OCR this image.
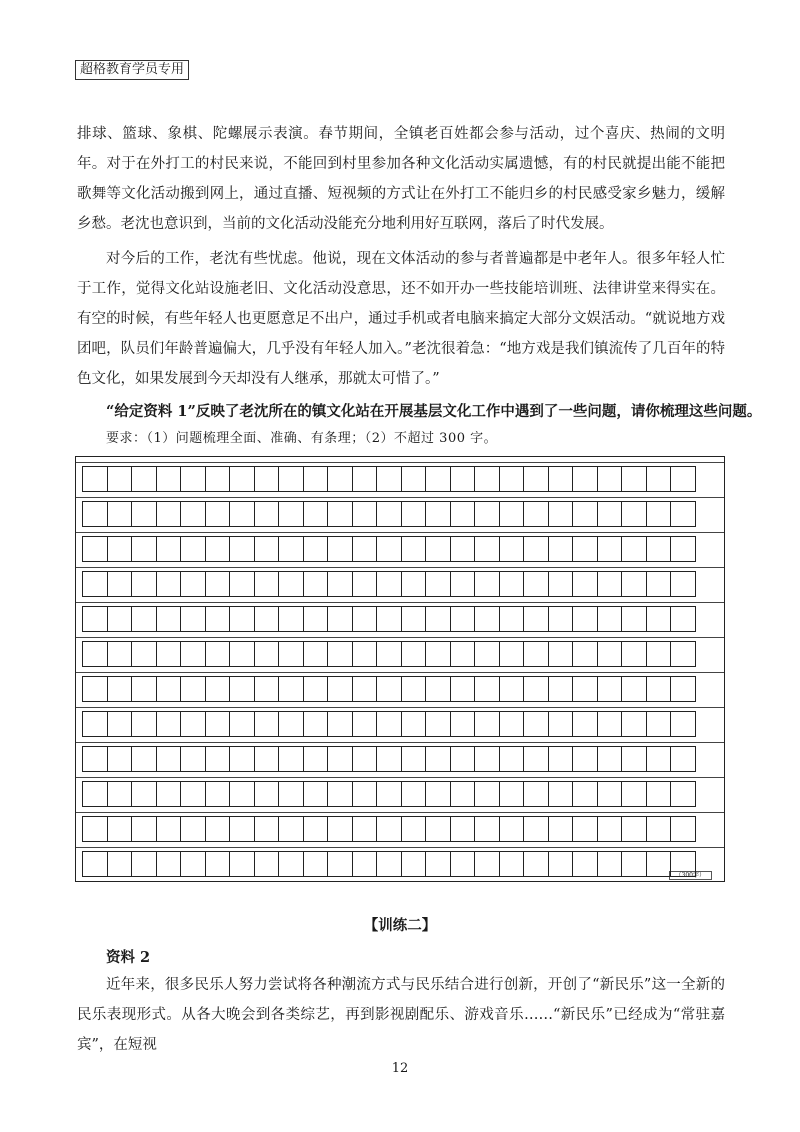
超格教育学员专用

排球、篮球、象棋、陀螺展示表演。春节期间，全镇老百姓都会参与活动，过个喜庆、热闹的文明年。对于在外打工的村民来说，不能回到村里参加各种文化活动实属遗憾，有的村民就提出能不能把歌舞等文化活动搬到网上，通过直播、短视频的方式让在外打工不能归乡的村民感受家乡魅力，缓解乡愁。老沈也意识到，当前的文化活动没能充分地利用好互联网，落后了时代发展。

对今后的工作，老沈有些忧虑。他说，现在文体活动的参与者普遍都是中老年人。很多年轻人忙于工作，觉得文化站设施老旧、文化活动没意思，还不如开办一些技能培训班、法律讲堂来得实在。有空的时候，有些年轻人也更愿意足不出户，通过手机或者电脑来搞定大部分文娱活动。“就说地方戏团吧，队员们年龄普遍偏大，几乎没有年轻人加入。”老沈很着急：“地方戏是我们镇流传了几百年的特色文化，如果发展到今天却没有人继承，那就太可惜了。”

“给定资料 1”反映了老沈所在的镇文化站在开展基层文化工作中遇到了一些问题，请你梳理这些问题。
要求：（1）问题梳理全面、准确、有条理；（2）不超过 300 字。
（300字）
【训练二】
资料 2

近年来，很多民乐人努力尝试将各种潮流方式与民乐结合进行创新，开创了“新民乐”这一全新的民乐表现形式。从各大晚会到各类综艺，再到影视剧配乐、游戏音乐……“新民乐”已经成为“常驻嘉宾”，在短视

12
